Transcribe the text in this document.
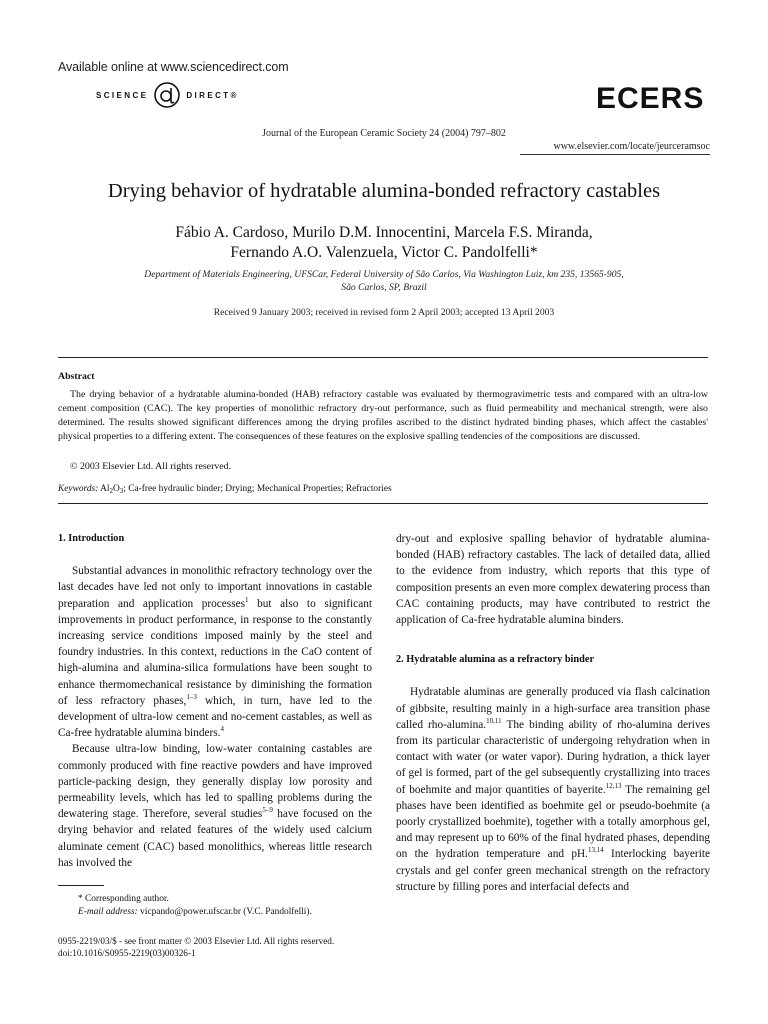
Available online at www.sciencedirect.com
SCIENCE	DIRECT®	ECERS
Journal of the European Ceramic Society 24 (2004) 797–802
www.elsevier.com/locate/jeurceramsoc
Drying behavior of hydratable alumina-bonded refractory castables
Fábio A. Cardoso, Murilo D.M. Innocentini, Marcela F.S. Miranda,
Fernando A.O. Valenzuela, Victor C. Pandolfelli*
Department of Materials Engineering, UFSCar, Federal University of São Carlos, Via Washington Luiz, km 235, 13565-905,
São Carlos, SP, Brazil
Received 9 January 2003; received in revised form 2 April 2003; accepted 13 April 2003
Abstract
The drying behavior of a hydratable alumina-bonded (HAB) refractory castable was evaluated by thermogravimetric tests and compared with an ultra-low cement composition (CAC). The key properties of monolithic refractory dry-out performance, such as fluid permeability and mechanical strength, were also determined. The results showed significant differences among the drying profiles ascribed to the distinct hydrated binding phases, which affect the castables' physical properties to a differing extent. The consequences of these features on the explosive spalling tendencies of the compositions are discussed.
© 2003 Elsevier Ltd. All rights reserved.
Keywords: $Al_2O_3$; Ca-free hydraulic binder; Drying; Mechanical Properties; Refractories
1. Introduction

Substantial advances in monolithic refractory technology over the last decades have led not only to important innovations in castable preparation and application processes$^1$ but also to significant improvements in product performance, in response to the constantly increasing service conditions imposed mainly by the steel and foundry industries. In this context, reductions in the CaO content of high-alumina and alumina-silica formulations have been sought to enhance thermomechanical resistance by diminishing the formation of less refractory phases,$^{1-3}$ which, in turn, have led to the development of ultra-low cement and no-cement castables, as well as Ca-free hydratable alumina binders.$^4$

Because ultra-low binding, low-water containing castables are commonly produced with fine reactive powders and have improved particle-packing design, they generally display low porosity and permeability levels, which has led to spalling problems during the dewatering stage. Therefore, several studies$^{5-9}$ have focused on the drying behavior and related features of the widely used calcium aluminate cement (CAC) based monolithics, whereas little research has involved the

dry-out and explosive spalling behavior of hydratable alumina-bonded (HAB) refractory castables. The lack of detailed data, allied to the evidence from industry, which reports that this type of composition presents an even more complex dewatering process than CAC containing products, may have contributed to restrict the application of Ca-free hydratable alumina binders.

2. Hydratable alumina as a refractory binder

Hydratable aluminas are generally produced via flash calcination of gibbsite, resulting mainly in a high-surface area transition phase called rho-alumina.$^{10,11}$ The binding ability of rho-alumina derives from its particular characteristic of undergoing rehydration when in contact with water (or water vapor). During hydration, a thick layer of gel is formed, part of the gel subsequently crystallizing into traces of boehmite and major quantities of bayerite.$^{12,13}$ The remaining gel phases have been identified as boehmite gel or pseudo-boehmite (a poorly crystallized boehmite), together with a totally amorphous gel, and may represent up to 60% of the final hydrated phases, depending on the hydration temperature and pH.$^{13,14}$ Interlocking bayerite crystals and gel confer green mechanical strength on the refractory structure by filling pores and interfacial defects and

* Corresponding author.
E-mail address: vicpando@power.ufscar.br (V.C. Pandolfelli).
0955-2219/03/$ - see front matter © 2003 Elsevier Ltd. All rights reserved.
doi:10.1016/S0955-2219(03)00326-1
